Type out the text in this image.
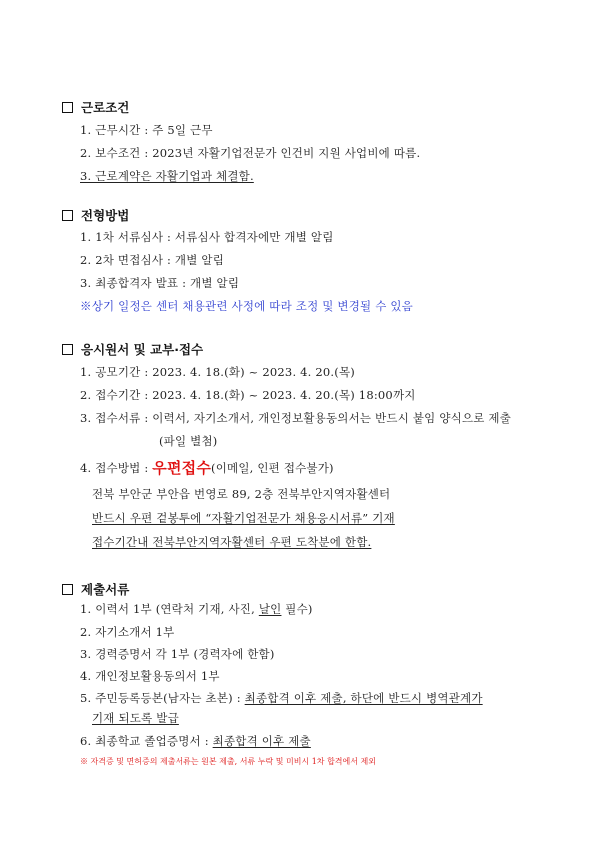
근로조건
1. 근무시간 : 주 5일 근무
2. 보수조건 : 2023년 자활기업전문가 인건비 지원 사업비에 따름.
3. 근로계약은 자활기업과 체결함.
전형방법
1. 1차 서류심사 : 서류심사 합격자에만 개별 알림
2. 2차 면접심사 : 개별 알림
3. 최종합격자 발표 : 개별 알림
※상기 일정은 센터 채용관련 사정에 따라 조정 및 변경될 수 있음
응시원서 및 교부·접수
1. 공모기간 : 2023. 4. 18.(화) ~ 2023. 4. 20.(목)
2. 접수기간 : 2023. 4. 18.(화) ~ 2023. 4. 20.(목) 18:00까지
3. 접수서류 : 이력서, 자기소개서, 개인정보활용동의서는 반드시 붙임 양식으로 제출
(파일 별첨)
4. 접수방법 : 우편접수(이메일, 인편 접수불가)
전북 부안군 부안읍 번영로 89, 2층 전북부안지역자활센터
반드시 우편 겉봉투에 “자활기업전문가 채용응시서류” 기재
접수기간내 전북부안지역자활센터 우편 도착분에 한함.
제출서류
1. 이력서 1부 (연락처 기재, 사진, 날인 필수)
2. 자기소개서 1부
3. 경력증명서 각 1부 (경력자에 한함)
4. 개인정보활용동의서 1부
5. 주민등록등본(남자는 초본) : 최종합격 이후 제출, 하단에 반드시 병역관계가
기재 되도록 발급
6. 최종학교 졸업증명서 : 최종합격 이후 제출
※ 자격증 및 면허증의 제출서류는 원본 제출, 서류 누락 및 미비시 1차 합격에서 제외
